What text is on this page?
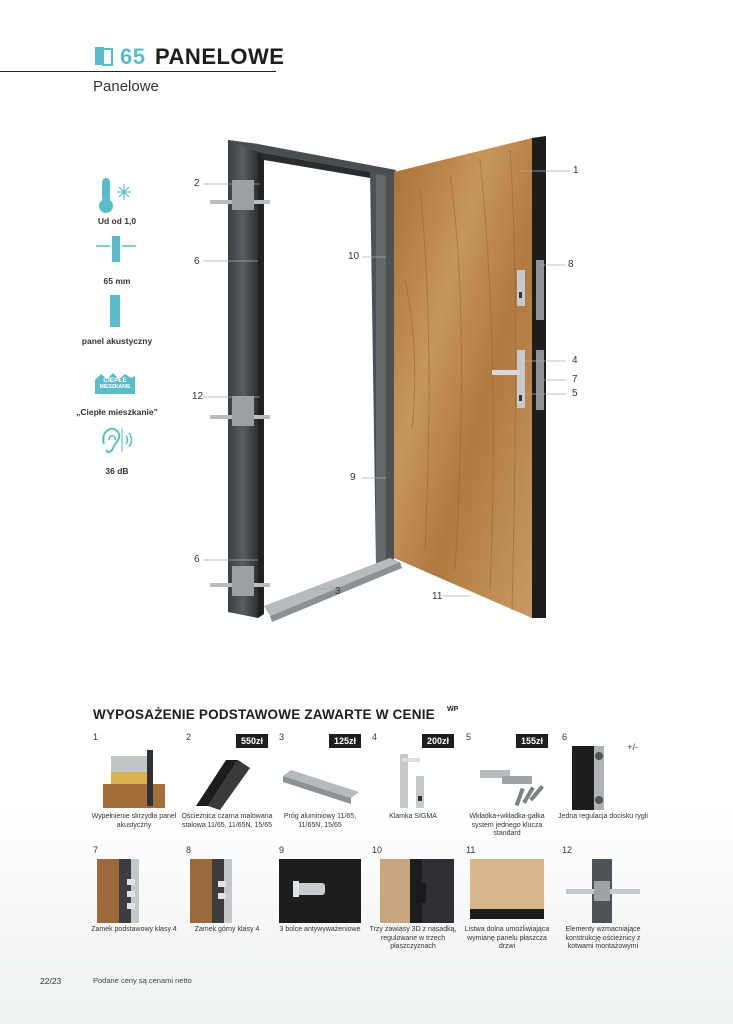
65 PANELOWE
Panelowe
Ud od 1,0
65 mm
panel akustyczny
CIEPŁE
MIESZKANIE
„Ciepłe mieszkanie”
36 dB
2
6
12
6
10
9
3	11
1
8
4
7
5
WYPOSAŻENIE PODSTAWOWE ZAWARTE W CENIE WP
1
Wypełnienie skrzydła panel akustyczny
2	550zł
Ościeżnica czarna malowana stalowa 11/65, 11/65N, 15/65
3	125zł
Próg aluminiowy 11/65, 11/65N, 15/65
4	200zł
Klamka SIGMA
5	155zł
Wkładka+wkładka-gałka system jednego klucza standard
6
+/-
Jedna regulacja docisku rygli
7
Zamek podstawowy klasy 4
8
Zamek górny klasy 4
9
3 bolce antywyważeniowe
10
Trzy zawiasy 3D z nasadką, regulowane w trzech płaszczyznach
11
Listwa dolna umożliwiająca wymianę panelu płaszcza drzwi
12
Elementy wzmacniające konstrukcję ościeżnicy z kotwami montażowymi
22/23	Podane ceny są cenami netto
